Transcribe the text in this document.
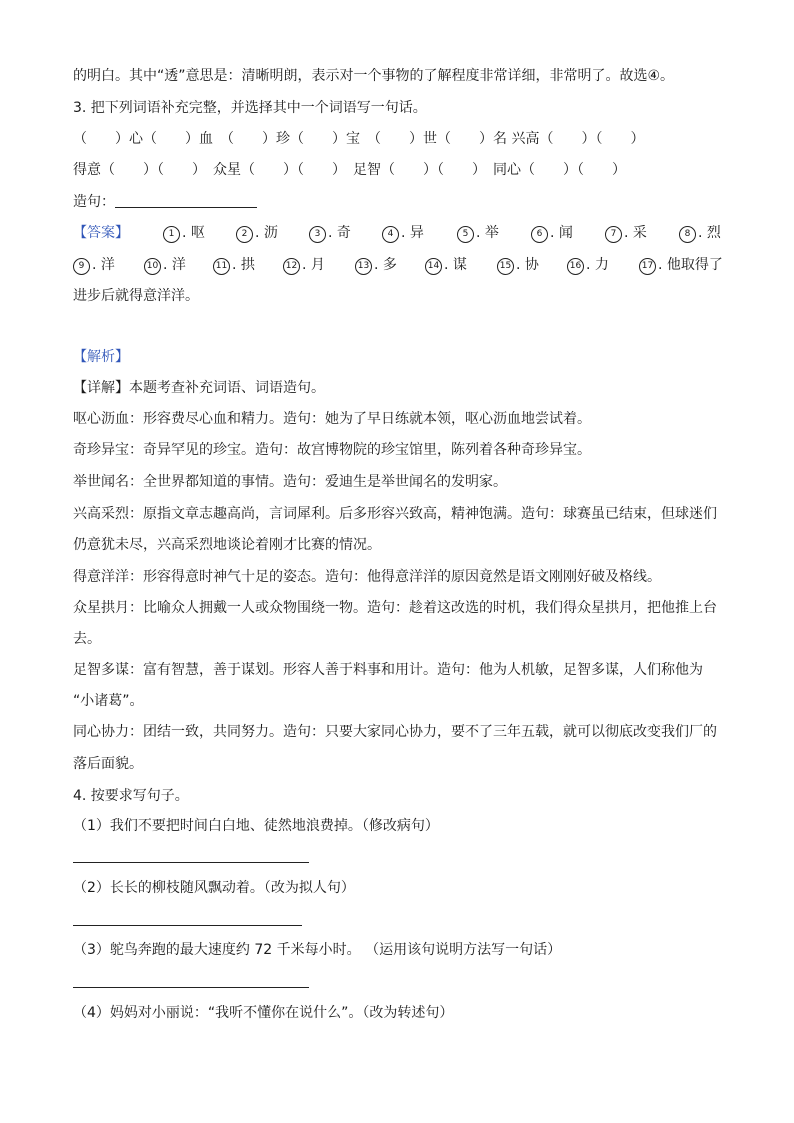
的明白。其中“透”意思是：清晰明朗，表示对一个事物的了解程度非常详细，非常明了。故选④。
3. 把下列词语补充完整，并选择其中一个词语写一句话。
（　　）心（　　）血　（　　）珍（　　）宝　（　　）世（　　）名 兴高（　　）（　　）
得意（　　）（　　）　众星（　　）（　　）　足智（　　）（　　）　同心（　　）（　　）
造句：
【答案】	1 . 呕	2 . 沥	3 . 奇	4 . 异	5 . 举	6 . 闻	7 . 采	8 . 烈
9 . 洋	10 . 洋	11 . 拱	12 . 月	13 . 多	14 . 谋	15 . 协	16 . 力	17 . 他取得了
进步后就得意洋洋。
【解析】
【详解】本题考查补充词语、词语造句。
呕心沥血：形容费尽心血和精力。造句：她为了早日练就本领，呕心沥血地尝试着。
奇珍异宝：奇异罕见的珍宝。造句：故宫博物院的珍宝馆里，陈列着各种奇珍异宝。
举世闻名：全世界都知道的事情。造句：爱迪生是举世闻名的发明家。
兴高采烈：原指文章志趣高尚，言词犀利。后多形容兴致高，精神饱满。造句：球赛虽已结束，但球迷们
仍意犹未尽，兴高采烈地谈论着刚才比赛的情况。
得意洋洋：形容得意时神气十足的姿态。造句：他得意洋洋的原因竟然是语文刚刚好破及格线。
众星拱月：比喻众人拥戴一人或众物围绕一物。造句：趁着这改选的时机，我们得众星拱月，把他推上台
去。
足智多谋：富有智慧，善于谋划。形容人善于料事和用计。造句：他为人机敏，足智多谋，人们称他为
“小诸葛”。
同心协力：团结一致，共同努力。造句：只要大家同心协力，要不了三年五载，就可以彻底改变我们厂的
落后面貌。
4. 按要求写句子。
（1）我们不要把时间白白地、徒然地浪费掉。（修改病句）
（2）长长的柳枝随风飘动着。（改为拟人句）
（3）鸵鸟奔跑的最大速度约 72 千米每小时。 （运用该句说明方法写一句话）
（4）妈妈对小丽说：“我听不懂你在说什么”。（改为转述句）
